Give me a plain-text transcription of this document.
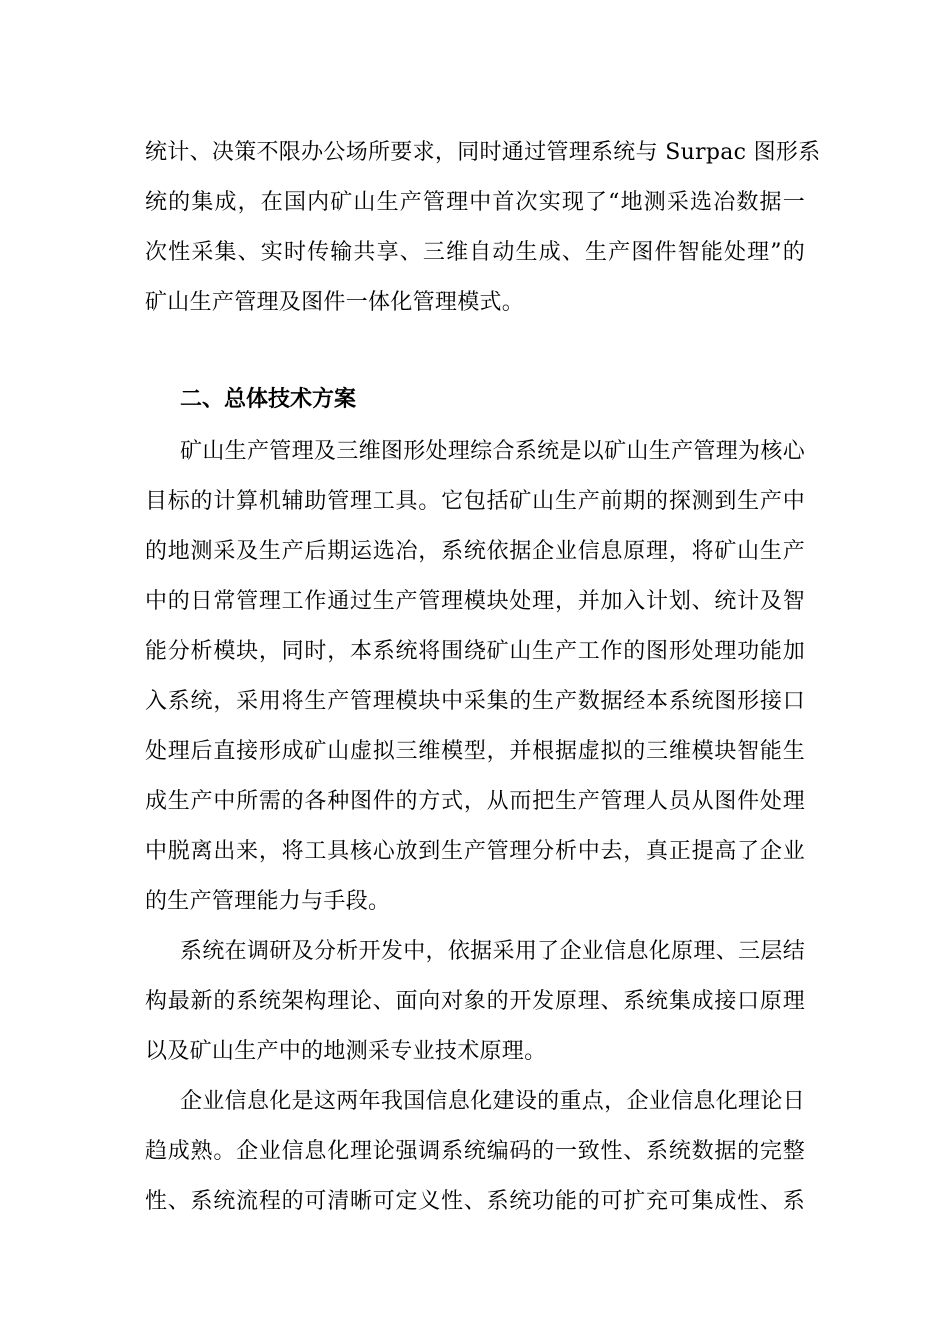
统计、决策不限办公场所要求，同时通过管理系统与 Surpac 图形系
统的集成，在国内矿山生产管理中首次实现了“地测采选冶数据一
次性采集、实时传输共享、三维自动生成、生产图件智能处理”的
矿山生产管理及图件一体化管理模式。
二、总体技术方案
矿山生产管理及三维图形处理综合系统是以矿山生产管理为核心
目标的计算机辅助管理工具。它包括矿山生产前期的探测到生产中
的地测采及生产后期运选冶，系统依据企业信息原理，将矿山生产
中的日常管理工作通过生产管理模块处理，并加入计划、统计及智
能分析模块，同时，本系统将围绕矿山生产工作的图形处理功能加
入系统，采用将生产管理模块中采集的生产数据经本系统图形接口
处理后直接形成矿山虚拟三维模型，并根据虚拟的三维模块智能生
成生产中所需的各种图件的方式，从而把生产管理人员从图件处理
中脱离出来，将工具核心放到生产管理分析中去，真正提高了企业
的生产管理能力与手段。
系统在调研及分析开发中，依据采用了企业信息化原理、三层结
构最新的系统架构理论、面向对象的开发原理、系统集成接口原理
以及矿山生产中的地测采专业技术原理。
企业信息化是这两年我国信息化建设的重点，企业信息化理论日
趋成熟。企业信息化理论强调系统编码的一致性、系统数据的完整
性、系统流程的可清晰可定义性、系统功能的可扩充可集成性、系
